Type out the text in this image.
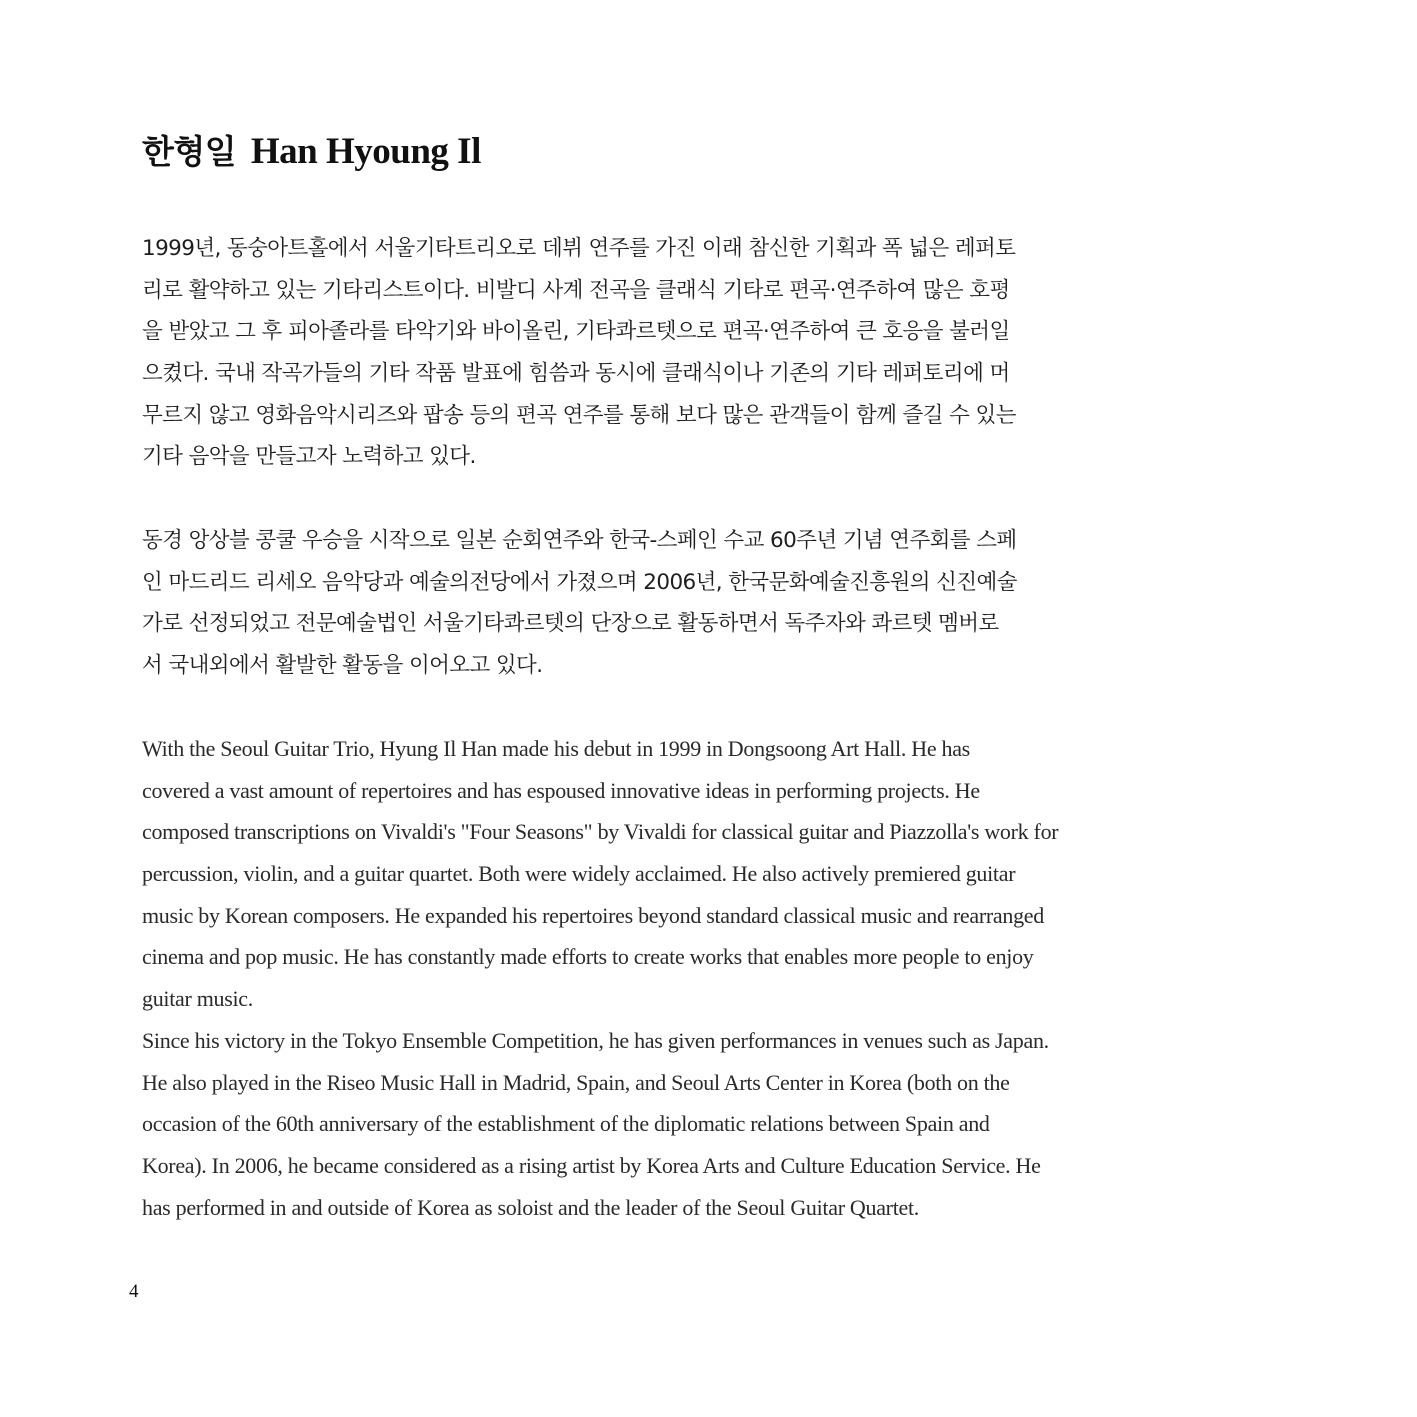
한형일 Han Hyoung Il

1999년, 동숭아트홀에서 서울기타트리오로 데뷔 연주를 가진 이래 참신한 기획과 폭 넓은 레퍼토
리로 활약하고 있는 기타리스트이다. 비발디 사계 전곡을 클래식 기타로 편곡·연주하여 많은 호평
을 받았고 그 후 피아졸라를 타악기와 바이올린, 기타콰르텟으로 편곡·연주하여 큰 호응을 불러일
으켰다. 국내 작곡가들의 기타 작품 발표에 힘씀과 동시에 클래식이나 기존의 기타 레퍼토리에 머
무르지 않고 영화음악시리즈와 팝송 등의 편곡 연주를 통해 보다 많은 관객들이 함께 즐길 수 있는
기타 음악을 만들고자 노력하고 있다.

동경 앙상블 콩쿨 우승을 시작으로 일본 순회연주와 한국-스페인 수교 60주년 기념 연주회를 스페
인 마드리드 리세오 음악당과 예술의전당에서 가졌으며 2006년, 한국문화예술진흥원의 신진예술
가로 선정되었고 전문예술법인 서울기타콰르텟의 단장으로 활동하면서 독주자와 콰르텟 멤버로
서 국내외에서 활발한 활동을 이어오고 있다.

With the Seoul Guitar Trio, Hyung Il Han made his debut in 1999 in Dongsoong Art Hall. He has
covered a vast amount of repertoires and has espoused innovative ideas in performing projects. He
composed transcriptions on Vivaldi's "Four Seasons" by Vivaldi for classical guitar and Piazzolla's work for
percussion, violin, and a guitar quartet. Both were widely acclaimed. He also actively premiered guitar
music by Korean composers. He expanded his repertoires beyond standard classical music and rearranged
cinema and pop music. He has constantly made efforts to create works that enables more people to enjoy
guitar music.

Since his victory in the Tokyo Ensemble Competition, he has given performances in venues such as Japan.
He also played in the Riseo Music Hall in Madrid, Spain, and Seoul Arts Center in Korea (both on the
occasion of the 60th anniversary of the establishment of the diplomatic relations between Spain and
Korea). In 2006, he became considered as a rising artist by Korea Arts and Culture Education Service. He
has performed in and outside of Korea as soloist and the leader of the Seoul Guitar Quartet.

4
